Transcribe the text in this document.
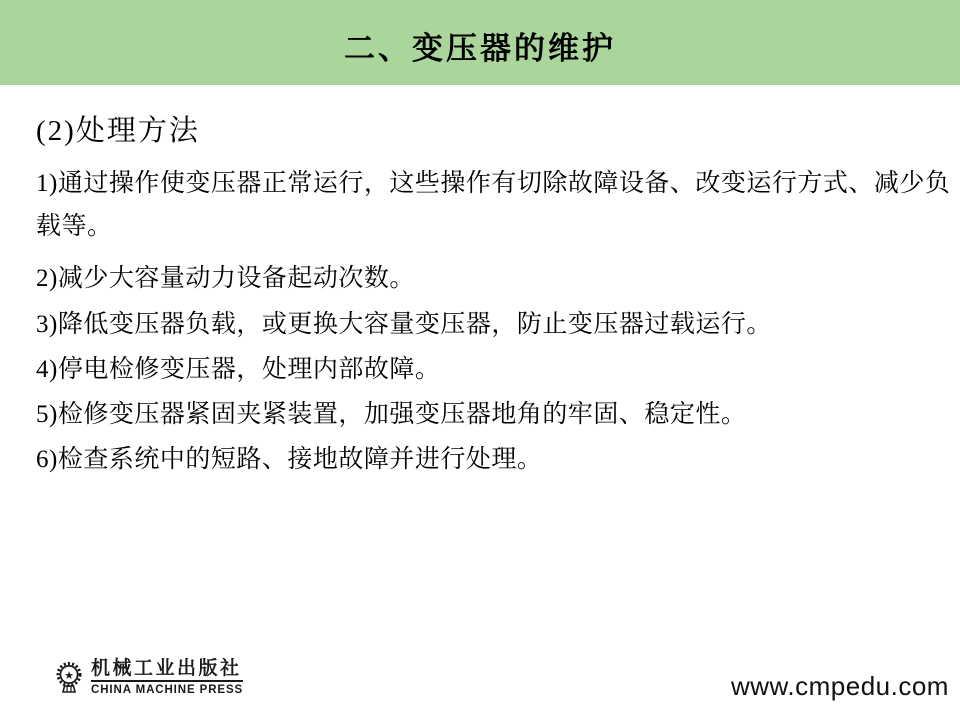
二、变压器的维护
(2)处理方法
1)通过操作使变压器正常运行，这些操作有切除故障设备、改变运行方式、减少负
载等。
2)减少大容量动力设备起动次数。
3)降低变压器负载，或更换大容量变压器，防止变压器过载运行。
4)停电检修变压器，处理内部故障。
5)检修变压器紧固夹紧装置，加强变压器地角的牢固、稳定性。
6)检查系统中的短路、接地故障并进行处理。
★ 机械工业出版社
CHINA MACHINE PRESS	www.cmpedu.com
